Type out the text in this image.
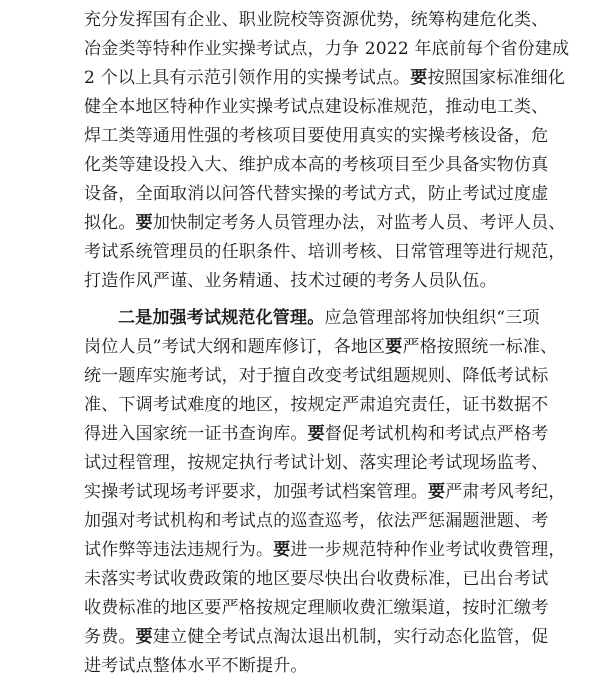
充分发挥国有企业、职业院校等资源优势，统筹构建危化类、
冶金类等特种作业实操考试点，力争 2022 年底前每个省份建成
2 个以上具有示范引领作用的实操考试点。要按照国家标准细化
健全本地区特种作业实操考试点建设标准规范，推动电工类、
焊工类等通用性强的考核项目要使用真实的实操考核设备，危
化类等建设投入大、维护成本高的考核项目至少具备实物仿真
设备，全面取消以问答代替实操的考试方式，防止考试过度虚
拟化。要加快制定考务人员管理办法，对监考人员、考评人员、
考试系统管理员的任职条件、培训考核、日常管理等进行规范，
打造作风严谨、业务精通、技术过硬的考务人员队伍。
二是加强考试规范化管理。应急管理部将加快组织“三项
岗位人员”考试大纲和题库修订，各地区要严格按照统一标准、
统一题库实施考试，对于擅自改变考试组题规则、降低考试标
准、下调考试难度的地区，按规定严肃追究责任，证书数据不
得进入国家统一证书查询库。要督促考试机构和考试点严格考
试过程管理，按规定执行考试计划、落实理论考试现场监考、
实操考试现场考评要求，加强考试档案管理。要严肃考风考纪，
加强对考试机构和考试点的巡查巡考，依法严惩漏题泄题、考
试作弊等违法违规行为。要进一步规范特种作业考试收费管理，
未落实考试收费政策的地区要尽快出台收费标准，已出台考试
收费标准的地区要严格按规定理顺收费汇缴渠道，按时汇缴考
务费。要建立健全考试点淘汰退出机制，实行动态化监管，促
进考试点整体水平不断提升。
